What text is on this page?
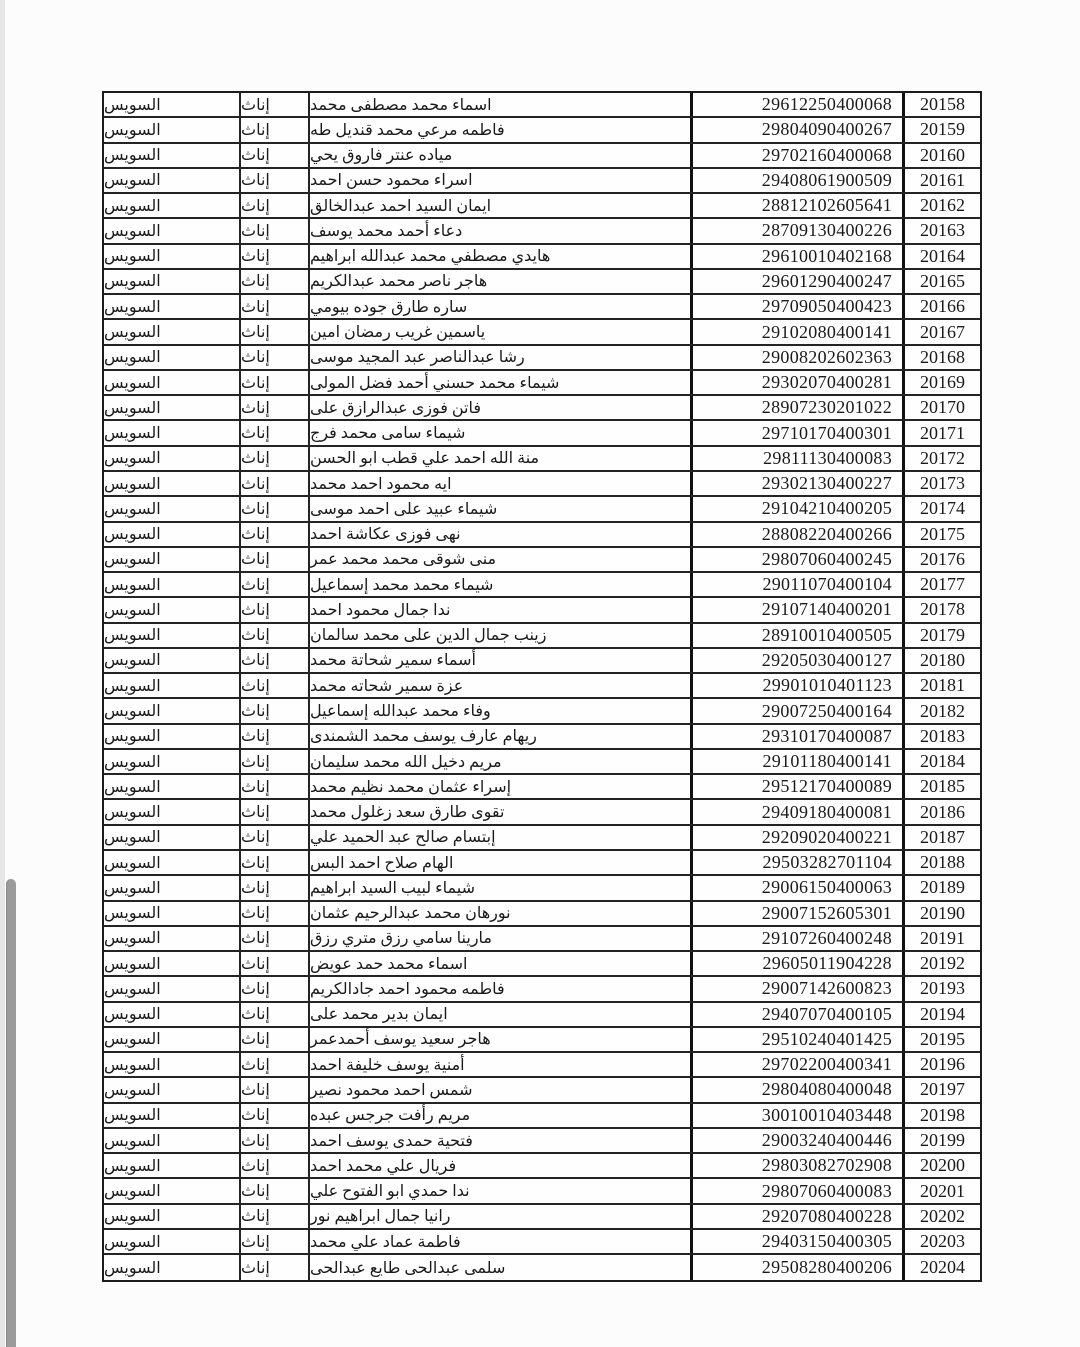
السويس	إناث	اسماء محمد مصطفى محمد	29612250400068	20158
السويس	إناث	فاطمه مرعي محمد قنديل طه	29804090400267	20159
السويس	إناث	مياده عنتر فاروق يحي	29702160400068	20160
السويس	إناث	اسراء محمود حسن احمد	29408061900509	20161
السويس	إناث	ايمان السيد احمد عبدالخالق	28812102605641	20162
السويس	إناث	دعاء أحمد محمد يوسف	28709130400226	20163
السويس	إناث	هايدي مصطفي محمد عبدالله ابراهيم	29610010402168	20164
السويس	إناث	هاجر ناصر محمد عبدالكريم	29601290400247	20165
السويس	إناث	ساره طارق جوده بيومي	29709050400423	20166
السويس	إناث	ياسمين غريب رمضان امين	29102080400141	20167
السويس	إناث	رشا عبدالناصر عبد المجيد موسى	29008202602363	20168
السويس	إناث	شيماء محمد حسني أحمد فضل المولى	29302070400281	20169
السويس	إناث	فاتن فوزى عبدالرازق على	28907230201022	20170
السويس	إناث	شيماء سامى محمد فرج	29710170400301	20171
السويس	إناث	منة الله احمد علي قطب ابو الحسن	29811130400083	20172
السويس	إناث	ايه محمود احمد محمد	29302130400227	20173
السويس	إناث	شيماء عبيد على احمد موسى	29104210400205	20174
السويس	إناث	نهى فوزى عكاشة احمد	28808220400266	20175
السويس	إناث	منى شوقى محمد محمد عمر	29807060400245	20176
السويس	إناث	شيماء محمد محمد إسماعيل	29011070400104	20177
السويس	إناث	ندا جمال محمود احمد	29107140400201	20178
السويس	إناث	زينب جمال الدين على محمد سالمان	28910010400505	20179
السويس	إناث	أسماء سمير شحاتة محمد	29205030400127	20180
السويس	إناث	عزة سمير شحاته محمد	29901010401123	20181
السويس	إناث	وفاء محمد عبدالله إسماعيل	29007250400164	20182
السويس	إناث	ريهام عارف يوسف محمد الشمندى	29310170400087	20183
السويس	إناث	مريم دخيل الله محمد سليمان	29101180400141	20184
السويس	إناث	إسراء عثمان محمد نظيم محمد	29512170400089	20185
السويس	إناث	تقوى طارق سعد زغلول محمد	29409180400081	20186
السويس	إناث	إبتسام صالح عبد الحميد علي	29209020400221	20187
السويس	إناث	الهام صلاح احمد البس	29503282701104	20188
السويس	إناث	شيماء لبيب السيد ابراهيم	29006150400063	20189
السويس	إناث	نورهان محمد عبدالرحيم عثمان	29007152605301	20190
السويس	إناث	مارينا سامي رزق متري رزق	29107260400248	20191
السويس	إناث	اسماء محمد حمد عويض	29605011904228	20192
السويس	إناث	فاطمه محمود احمد جادالكريم	29007142600823	20193
السويس	إناث	ايمان بدير محمد على	29407070400105	20194
السويس	إناث	هاجر سعيد يوسف أحمدعمر	29510240401425	20195
السويس	إناث	أمنية يوسف خليفة احمد	29702200400341	20196
السويس	إناث	شمس احمد محمود نصير	29804080400048	20197
السويس	إناث	مريم رأفت جرجس عبده	30010010403448	20198
السويس	إناث	فتحية حمدى يوسف احمد	29003240400446	20199
السويس	إناث	فريال علي محمد احمد	29803082702908	20200
السويس	إناث	ندا حمدي ابو الفتوح علي	29807060400083	20201
السويس	إناث	رانيا جمال ابراهيم نور	29207080400228	20202
السويس	إناث	فاطمة عماد علي محمد	29403150400305	20203
السويس	إناث	سلمى عبدالحى طايع عبدالحى	29508280400206	20204
